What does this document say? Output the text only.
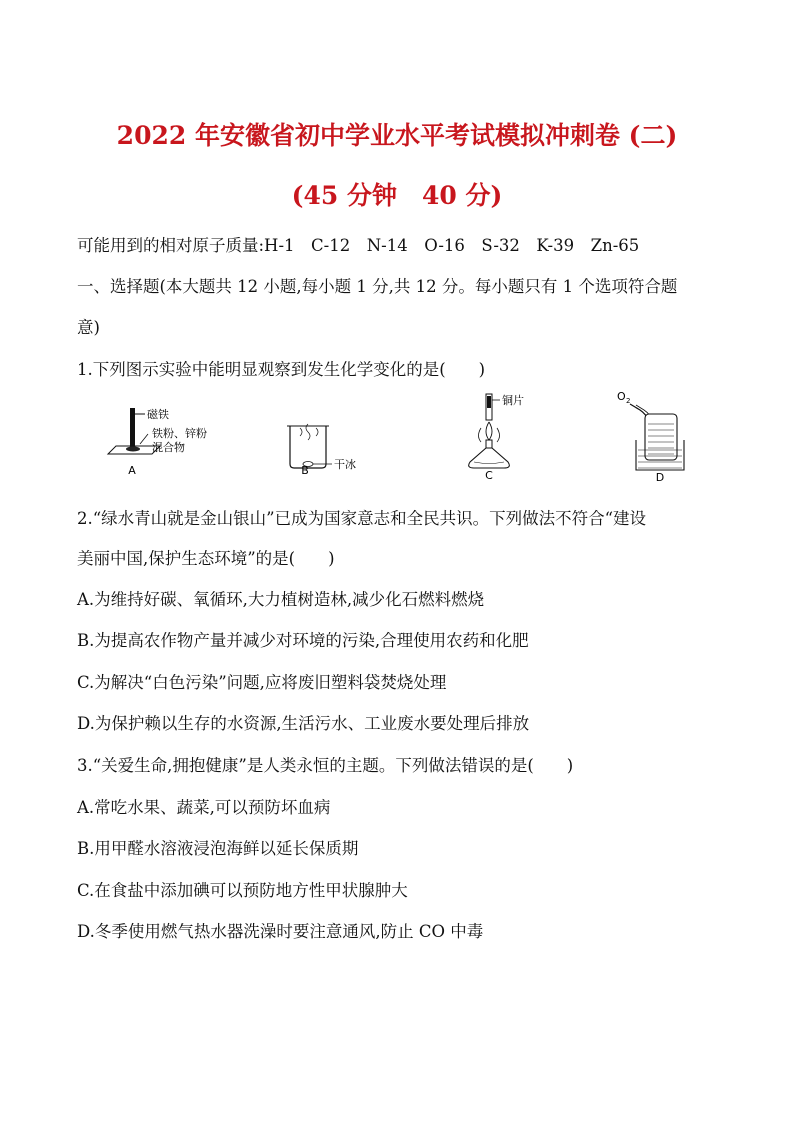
2022 年安徽省初中学业水平考试模拟冲刺卷 (二)
(45 分钟　40 分)

可能用到的相对原子质量:H-1　C-12　N-14　O-16　S-32　K-39　Zn-65

一、选择题(本大题共 12 小题,每小题 1 分,共 12 分。每小题只有 1 个选项符合题

意)

1.下列图示实验中能明显观察到发生化学变化的是(　　)

磁铁
铁粉、锌粉
混合物
A	干冰
B
铜片
C
O 2
D

2.“绿水青山就是金山银山”已成为国家意志和全民共识。下列做法不符合“建设

美丽中国,保护生态环境”的是(　　)

A.为维持好碳、氧循环,大力植树造林,减少化石燃料燃烧

B.为提高农作物产量并减少对环境的污染,合理使用农药和化肥

C.为解决“白色污染”问题,应将废旧塑料袋焚烧处理

D.为保护赖以生存的水资源,生活污水、工业废水要处理后排放

3.“关爱生命,拥抱健康”是人类永恒的主题。下列做法错误的是(　　)

A.常吃水果、蔬菜,可以预防坏血病

B.用甲醛水溶液浸泡海鲜以延长保质期

C.在食盐中添加碘可以预防地方性甲状腺肿大

D.冬季使用燃气热水器洗澡时要注意通风,防止 CO 中毒
